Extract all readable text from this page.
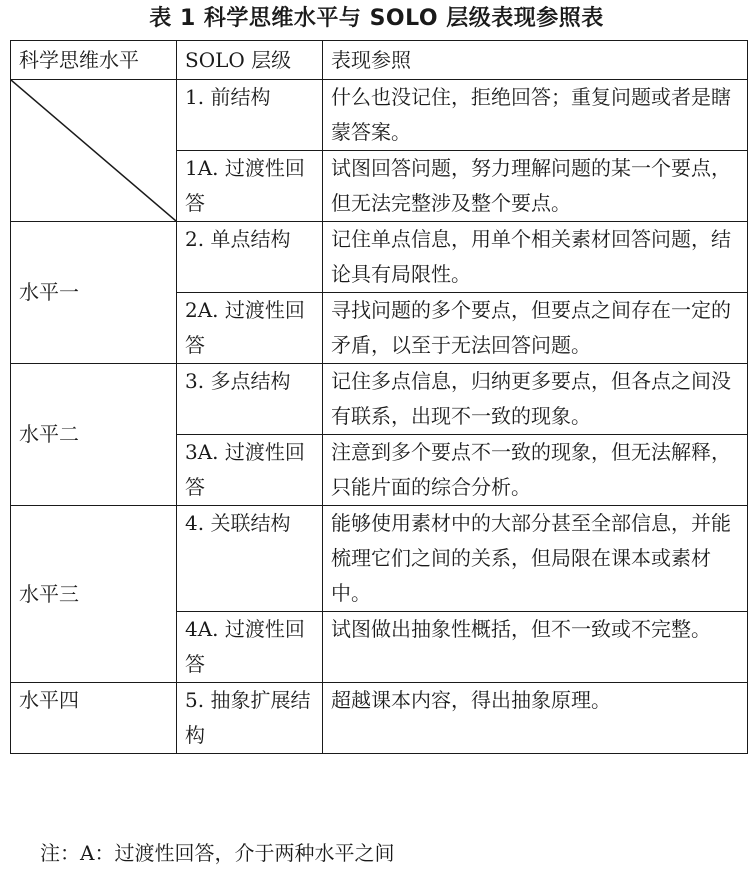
表 1 科学思维水平与 SOLO 层级表现参照表
科学思维水平	SOLO 层级	表现参照

	1. 前结构	什么也没记住，拒绝回答；重复问题或者是瞎蒙答案。
	1A. 过渡性回答	试图回答问题，努力理解问题的某一个要点，但无法完整涉及整个要点。
水平一	2. 单点结构	记住单点信息，用单个相关素材回答问题，结论具有局限性。
	2A. 过渡性回答	寻找问题的多个要点，但要点之间存在一定的矛盾，以至于无法回答问题。
水平二	3. 多点结构	记住多点信息，归纳更多要点，但各点之间没有联系，出现不一致的现象。
	3A. 过渡性回答	注意到多个要点不一致的现象，但无法解释，只能片面的综合分析。
水平三	4. 关联结构	能够使用素材中的大部分甚至全部信息，并能梳理它们之间的关系，但局限在课本或素材中。
	4A. 过渡性回答	试图做出抽象性概括，但不一致或不完整。
水平四	5. 抽象扩展结构	超越课本内容，得出抽象原理。
注：A：过渡性回答，介于两种水平之间
